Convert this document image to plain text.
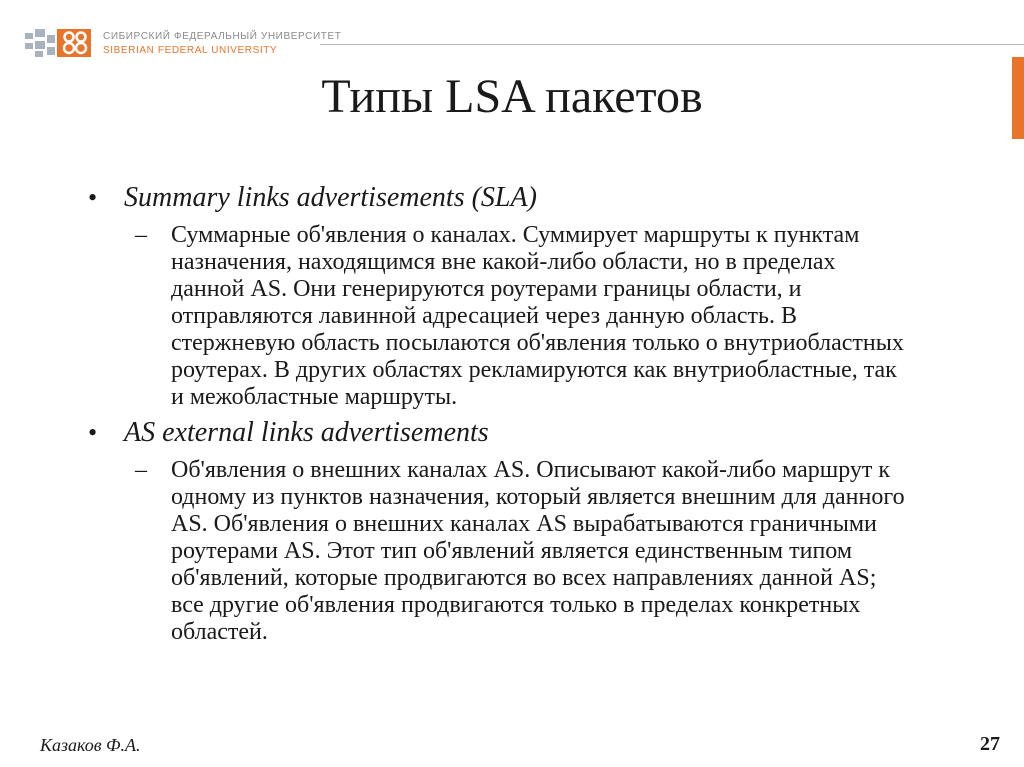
СИБИРСКИЙ ФЕДЕРАЛЬНЫЙ УНИВЕРСИТЕТ
SIBERIAN FEDERAL UNIVERSITY
Типы LSA пакетов
• Summary links advertisements (SLA)
–	Суммарные об'явления о каналах. Суммирует маршруты к пунктам назначения, находящимся вне какой-либо области, но в пределах данной AS. Они генерируются роутерами границы области, и отправляются лавинной адресацией через данную область. В стержневую область посылаются об'явления только о внутриобластных роутерах. В других областях рекламируются как внутриобластные, так и межобластные маршруты.
• AS external links advertisements
–	Об'явления о внешних каналах AS. Описывают какой-либо маршрут к одному из пунктов назначения, который является внешним для данного AS. Об'явления о внешних каналах AS вырабатываются граничными роутерами AS. Этот тип об'явлений является единственным типом об'явлений, которые продвигаются во всех направлениях данной AS; все другие об'явления продвигаются только в пределах конкретных областей.
Казаков Ф.А.	27
